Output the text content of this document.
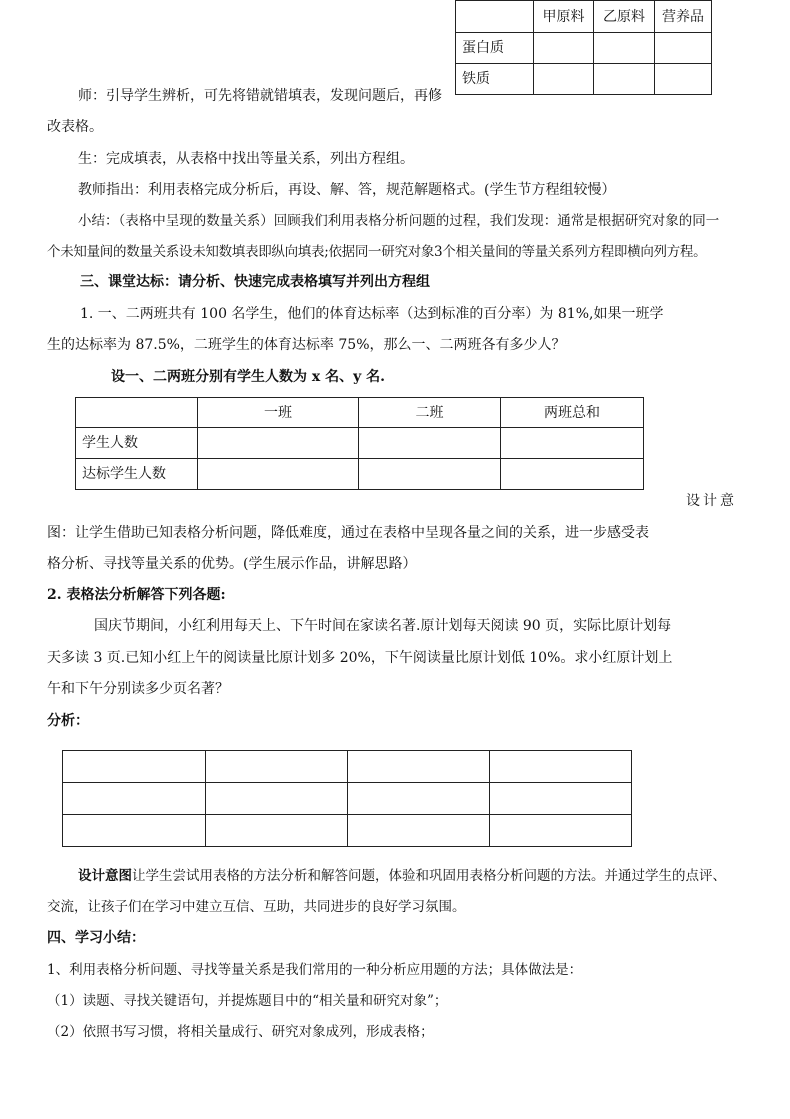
	甲原料	乙原料	营养品
蛋白质			
铁质			
师：引导学生辨析，可先将错就错填表，发现问题后，再修
改表格。
生：完成填表，从表格中找出等量关系，列出方程组。
教师指出：利用表格完成分析后，再设、解、答，规范解题格式。(学生节方程组较慢）
小结：（表格中呈现的数量关系）回顾我们利用表格分析问题的过程，我们发现：通常是根据研究对象的同一
个未知量间的数量关系设未知数填表即纵向填表;依据同一研究对象3个相关量间的等量关系列方程即横向列方程。
三、课堂达标：请分析、快速完成表格填写并列出方程组
1. 一、二两班共有 100 名学生，他们的体育达标率（达到标准的百分率）为 81%,如果一班学
生的达标率为 87.5%，二班学生的体育达标率 75%，那么一、二两班各有多少人？
设一、二两班分别有学生人数为 x 名、y 名.
	一班	二班	两班总和
学生人数			
达标学生人数			
设计意
图：让学生借助已知表格分析问题，降低难度，通过在表格中呈现各量之间的关系，进一步感受表
格分析、寻找等量关系的优势。(学生展示作品，讲解思路）
2. 表格法分析解答下列各题:
国庆节期间，小红利用每天上、下午时间在家读名著.原计划每天阅读 90 页，实际比原计划每
天多读 3 页.已知小红上午的阅读量比原计划多 20%，下午阅读量比原计划低 10%。求小红原计划上
午和下午分别读多少页名著？
分析：

设计意图让学生尝试用表格的方法分析和解答问题，体验和巩固用表格分析问题的方法。并通过学生的点评、
交流，让孩子们在学习中建立互信、互助，共同进步的良好学习氛围。
四、学习小结：
1、利用表格分析问题、寻找等量关系是我们常用的一种分析应用题的方法；具体做法是：
（1）读题、寻找关键语句，并提炼题目中的“相关量和研究对象”；
（2）依照书写习惯，将相关量成行、研究对象成列，形成表格；
